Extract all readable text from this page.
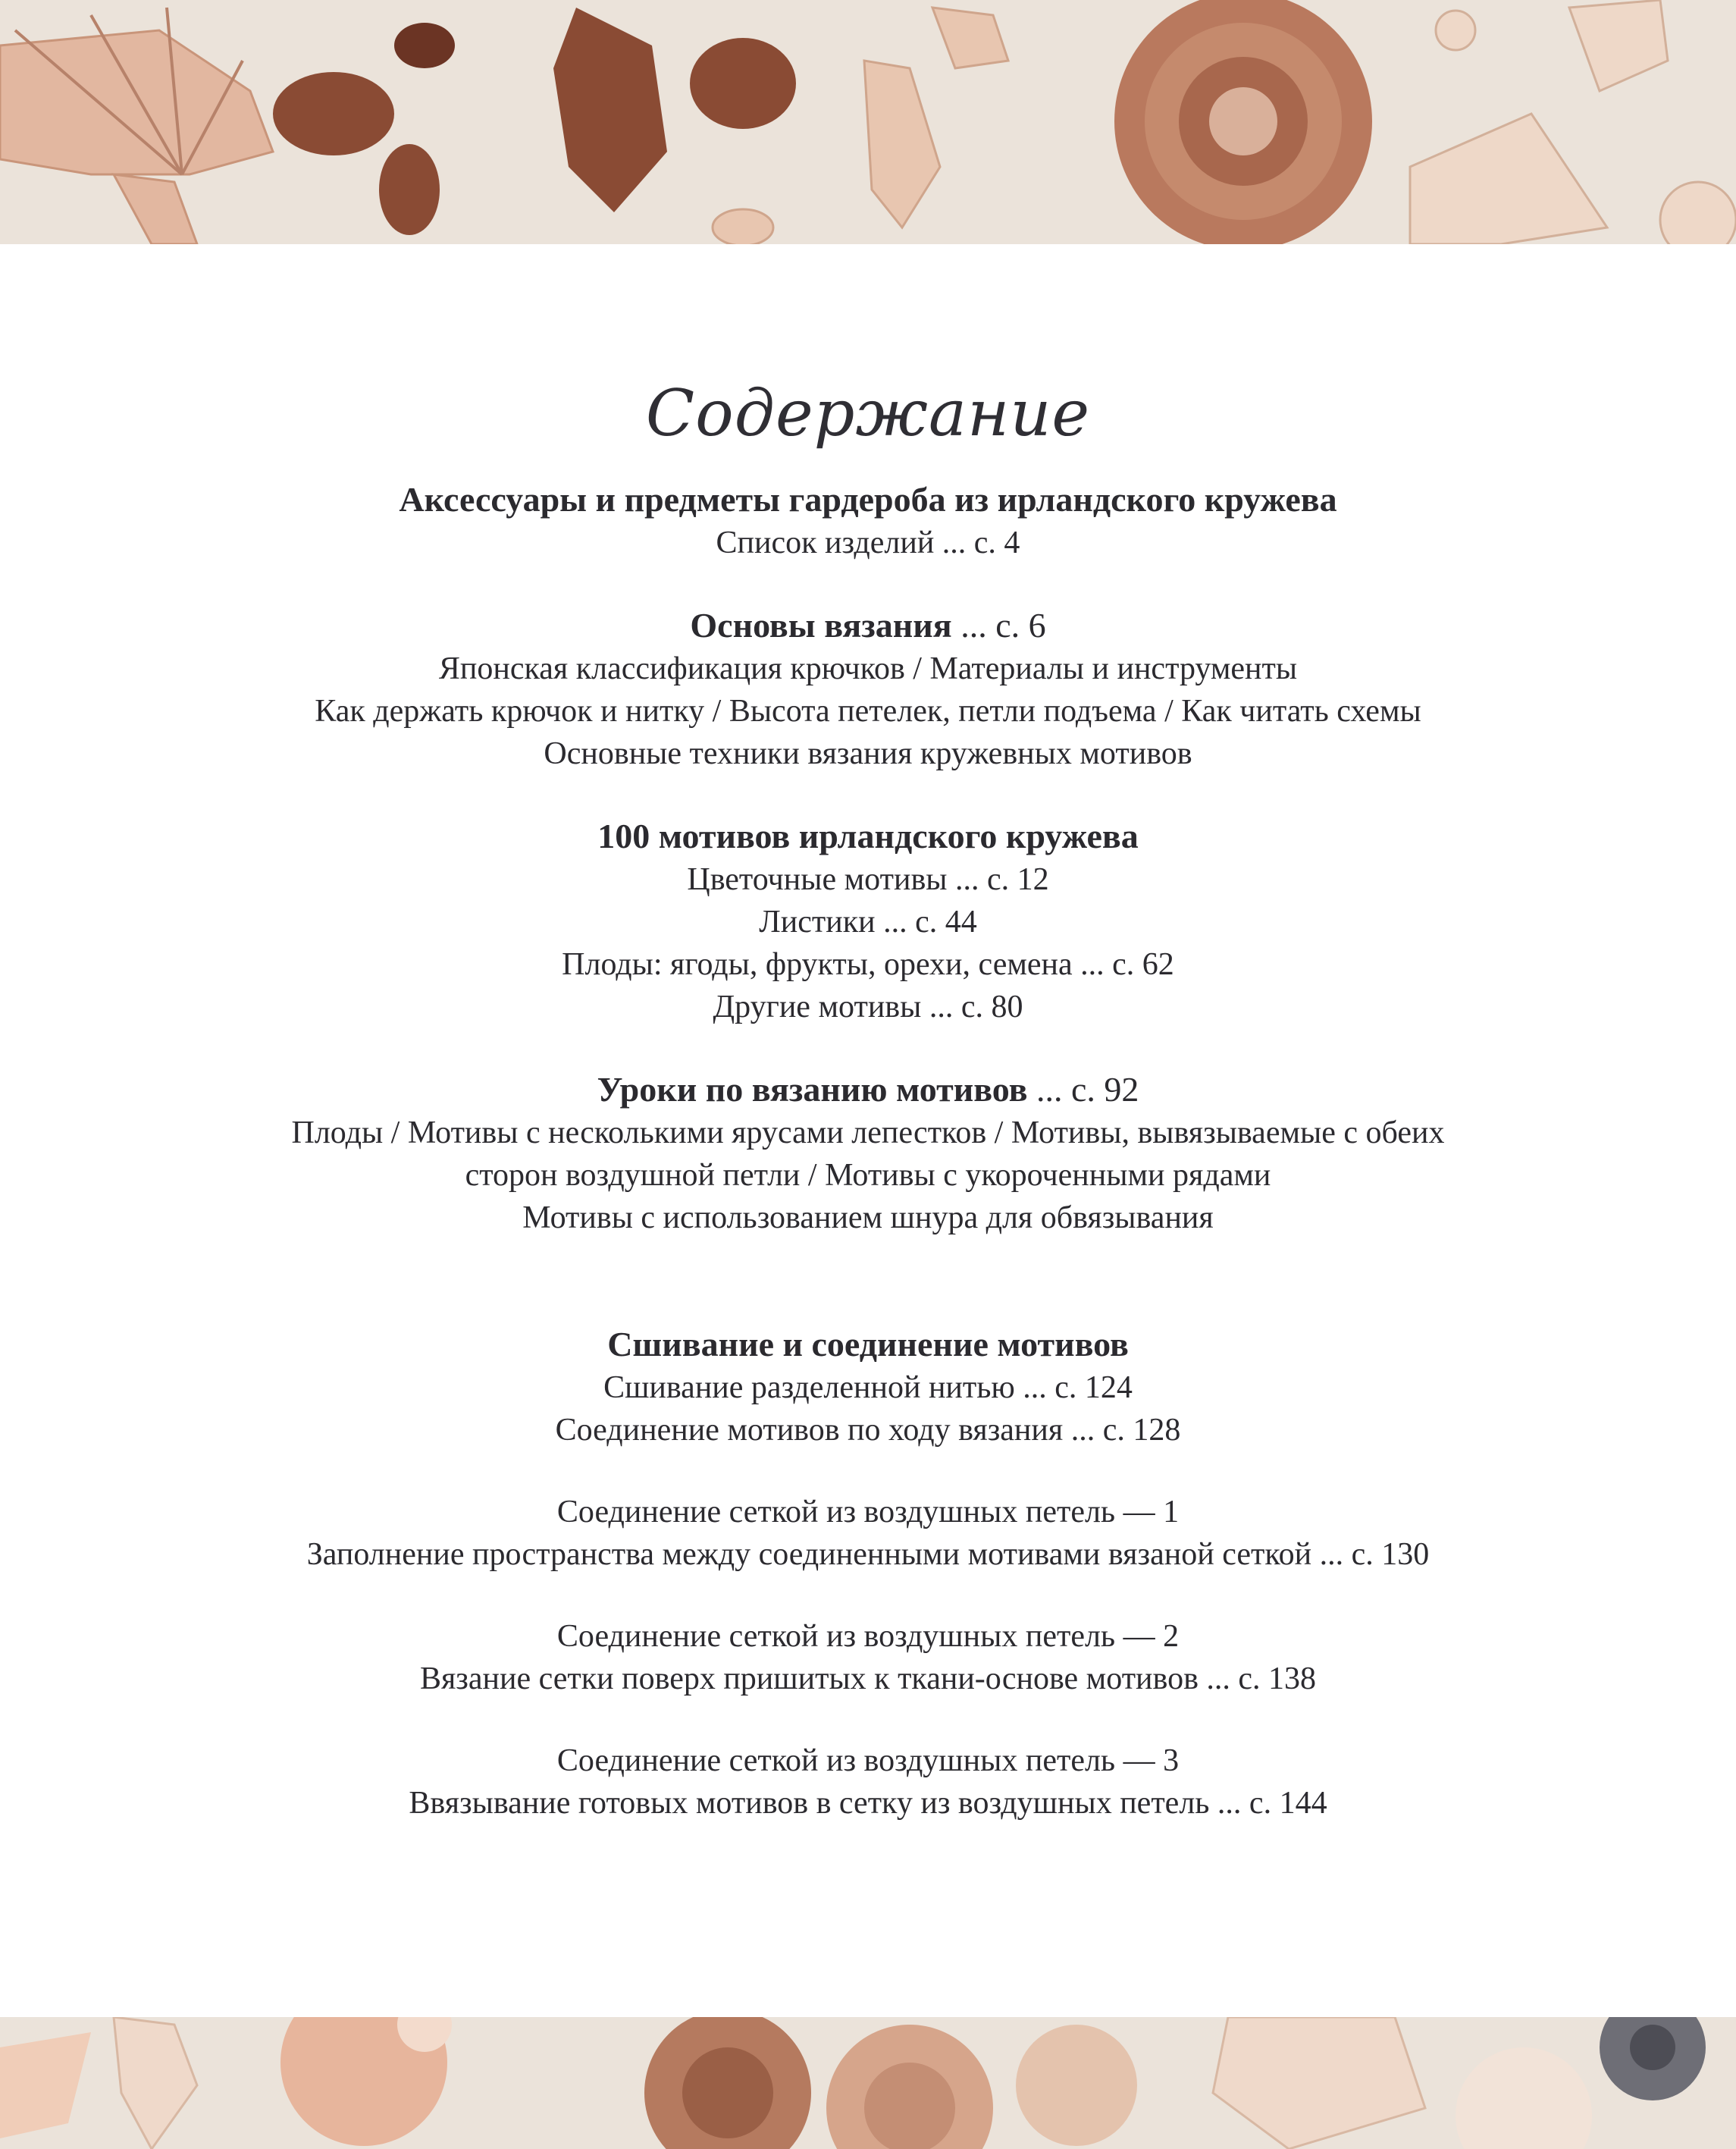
Содержание

Аксессуары и предметы гардероба из ирландского кружева

Список изделий ... с. 4

Основы вязания ... с. 6

Японская классификация крючков / Материалы и инструменты

Как держать крючок и нитку / Высота петелек, петли подъема / Как читать схемы

Основные техники вязания кружевных мотивов

100 мотивов ирландского кружева

Цветочные мотивы ... с. 12

Листики ... с. 44

Плоды: ягоды, фрукты, орехи, семена ... с. 62

Другие мотивы ... с. 80

Уроки по вязанию мотивов ... с. 92

Плоды / Мотивы с несколькими ярусами лепестков / Мотивы, вывязываемые с обеих

сторон воздушной петли / Мотивы с укороченными рядами

Мотивы с использованием шнура для обвязывания

Сшивание и соединение мотивов

Сшивание разделенной нитью ... с. 124

Соединение мотивов по ходу вязания ... с. 128

Соединение сеткой из воздушных петель — 1

Заполнение пространства между соединенными мотивами вязаной сеткой ... с. 130

Соединение сеткой из воздушных петель — 2

Вязание сетки поверх пришитых к ткани-основе мотивов ... с. 138

Соединение сеткой из воздушных петель — 3

Ввязывание готовых мотивов в сетку из воздушных петель ... с. 144
